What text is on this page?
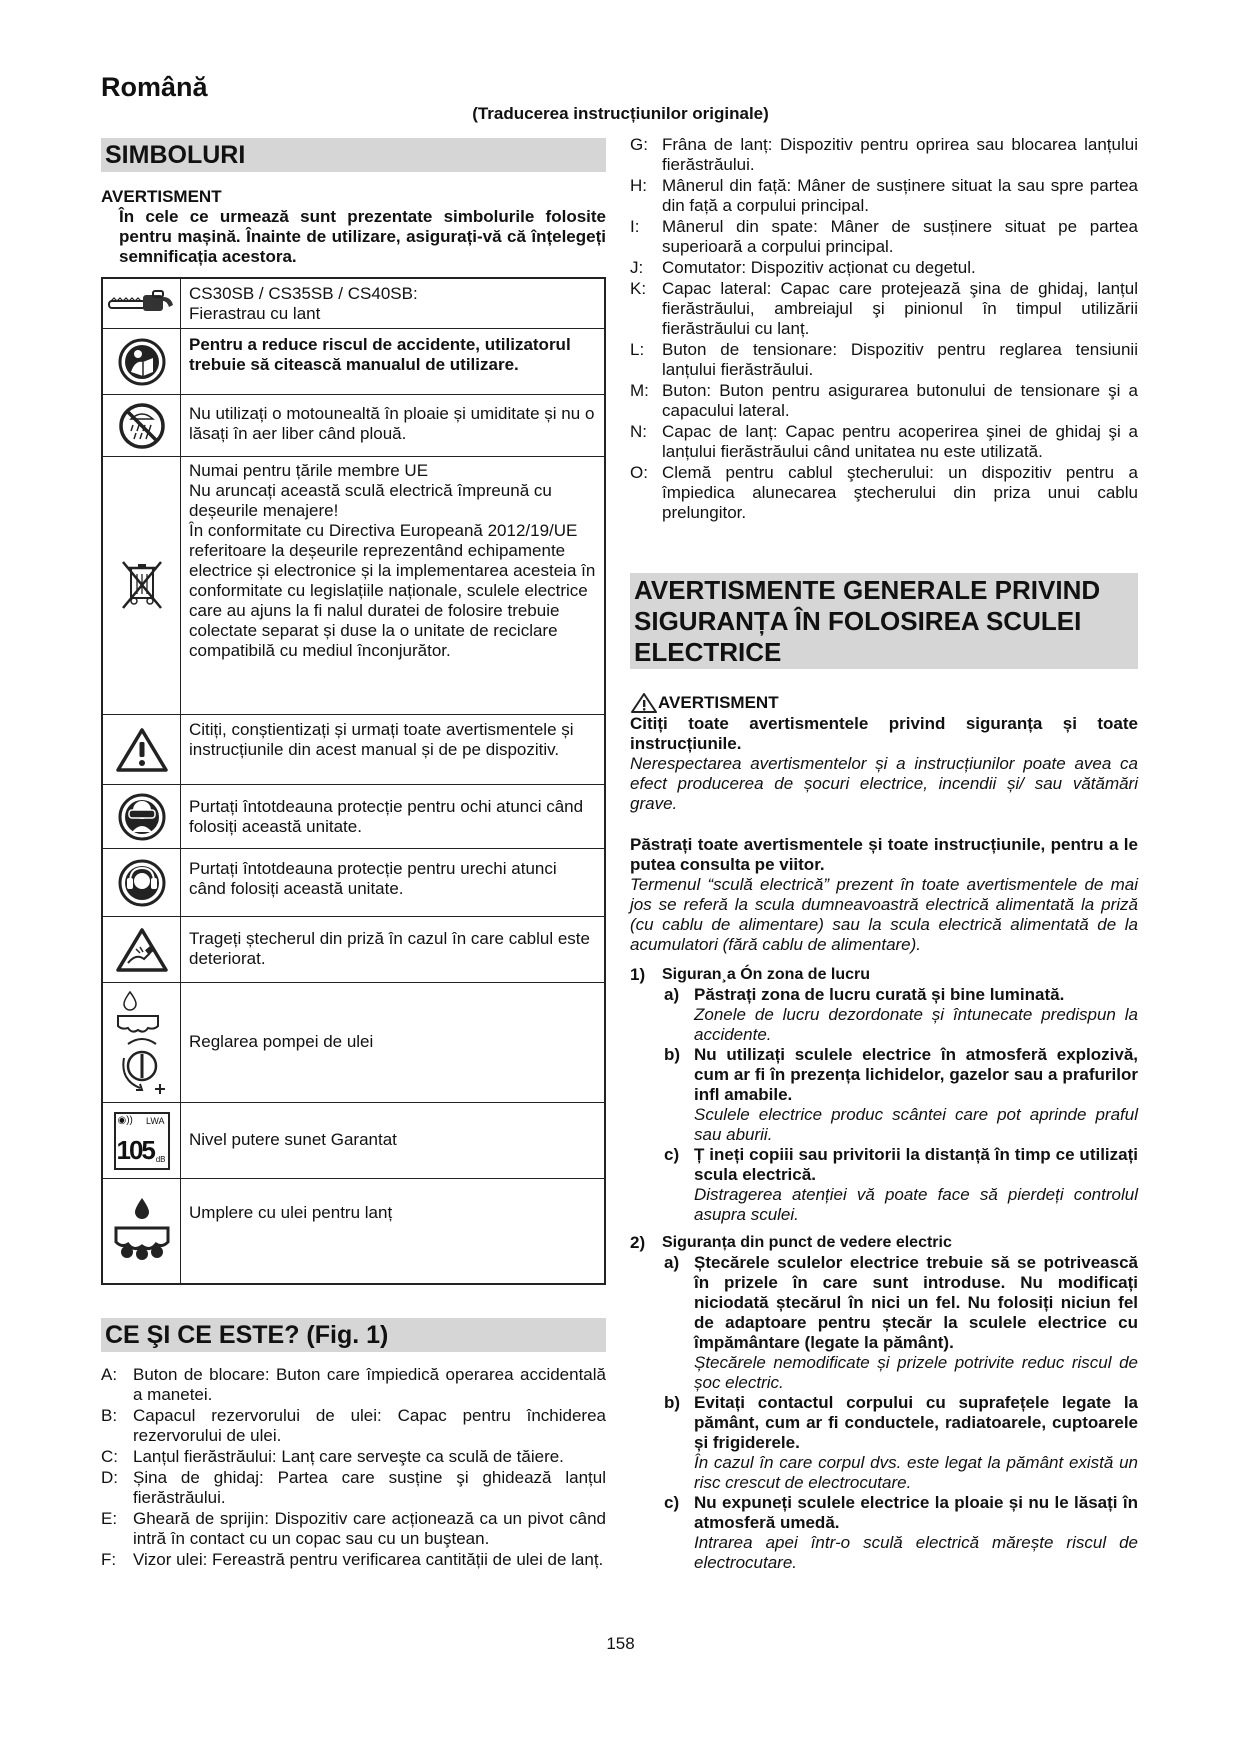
Română
(Traducerea instrucțiunilor originale)
SIMBOLURI
AVERTISMENT
În cele ce urmează sunt prezentate simbolurile folosite pentru mașină. Înainte de utilizare, asigurați-vă că înțelegeți semnificația acestora.
CS30SB / CS35SB / CS40SB:
Fierastrau cu lant
Pentru a reduce riscul de accidente, utilizatorul trebuie să citească manualul de utilizare.
Nu utilizați o motounealtă în ploaie și umiditate și nu o lăsați în aer liber când plouă.
Numai pentru țările membre UE
Nu aruncați această sculă electrică împreună cu deșeurile menajere!
În conformitate cu Directiva Europeană 2012/19/UE referitoare la deșeurile reprezentând echipamente electrice și electronice și la implementarea acesteia în conformitate cu legislațiile naționale, sculele electrice care au ajuns la fi nalul duratei de folosire trebuie colectate separat și duse la o unitate de reciclare compatibilă cu mediul înconjurător.
Citiți, conștientizați și urmați toate avertismentele și instrucțiunile din acest manual și de pe dispozitiv.
Purtați întotdeauna protecție pentru ochi atunci când folosiți această unitate.
Purtați întotdeauna protecție pentru urechi atunci când folosiți această unitate.
Trageți ștecherul din priză în cazul în care cablul este deteriorat.
Reglarea pompei de ulei
◉)) LWA
105 dB
Nivel putere sunet Garantat
Umplere cu ulei pentru lanț
CE ŞI CE ESTE? (Fig. 1)
A: Buton de blocare: Buton care împiedică operarea accidentală a manetei.
B: Capacul rezervorului de ulei: Capac pentru închiderea rezervorului de ulei.
C: Lanțul fierăstrăului: Lanț care serveşte ca sculă de tăiere.
D: Șina de ghidaj: Partea care susține şi ghidează lanțul fierăstrăului.
E: Gheară de sprijin: Dispozitiv care acționează ca un pivot când intră în contact cu un copac sau cu un buştean.
F: Vizor ulei: Fereastră pentru verificarea cantității de ulei de lanț.
G: Frâna de lanț: Dispozitiv pentru oprirea sau blocarea lanțului fierăstrăului.
H: Mânerul din față: Mâner de susținere situat la sau spre partea din față a corpului principal.
I: Mânerul din spate: Mâner de susținere situat pe partea superioară a corpului principal.
J: Comutator: Dispozitiv acționat cu degetul.
K: Capac lateral: Capac care protejează şina de ghidaj, lanțul fierăstrăului, ambreiajul şi pinionul în timpul utilizării fierăstrăului cu lanț.
L: Buton de tensionare: Dispozitiv pentru reglarea tensiunii lanțului fierăstrăului.
M: Buton: Buton pentru asigurarea butonului de tensionare şi a capacului lateral.
N: Capac de lanț: Capac pentru acoperirea şinei de ghidaj şi a lanțului fierăstrăului când unitatea nu este utilizată.
O: Clemă pentru cablul ştecherului: un dispozitiv pentru a împiedica alunecarea ştecherului din priza unui cablu prelungitor.
AVERTISMENTE GENERALE PRIVIND SIGURANȚA ÎN FOLOSIREA SCULEI ELECTRICE
AVERTISMENT
Citiți toate avertismentele privind siguranța și toate instrucțiunile.
Nerespectarea avertismentelor și a instrucțiunilor poate avea ca efect producerea de șocuri electrice, incendii și/ sau vătămări grave.
Păstrați toate avertismentele și toate instrucțiunile, pentru a le putea consulta pe viitor.
Termenul “sculă electrică” prezent în toate avertismentele de mai jos se referă la scula dumneavoastră electrică alimentată la priză (cu cablu de alimentare) sau la scula electrică alimentată de la acumulatori (fără cablu de alimentare).
1) Siguran¸a Ón zona de lucru
a) Păstrați zona de lucru curată și bine luminată.
Zonele de lucru dezordonate și întunecate predispun la accidente.
b) Nu utilizați sculele electrice în atmosferă explozivă, cum ar fi în prezența lichidelor, gazelor sau a prafurilor infl amabile.
Sculele electrice produc scântei care pot aprinde praful sau aburii.
c) Ț ineți copiii sau privitorii la distanță în timp ce utilizați scula electrică.
Distragerea atenției vă poate face să pierdeți controlul asupra sculei.
2) Siguranța din punct de vedere electric
a) Ștecărele sculelor electrice trebuie să se potrivească în prizele în care sunt introduse. Nu modificați niciodată ștecărul în nici un fel. Nu folosiți niciun fel de adaptoare pentru ștecăr la sculele electrice cu împământare (legate la pământ).
Ștecărele nemodificate și prizele potrivite reduc riscul de șoc electric.
b) Evitați contactul corpului cu suprafețele legate la pământ, cum ar fi conductele, radiatoarele, cuptoarele și frigiderele.
În cazul în care corpul dvs. este legat la pământ există un risc crescut de electrocutare.
c) Nu expuneți sculele electrice la ploaie și nu le lăsați în atmosferă umedă.
Intrarea apei într-o sculă electrică mărește riscul de electrocutare.
158
